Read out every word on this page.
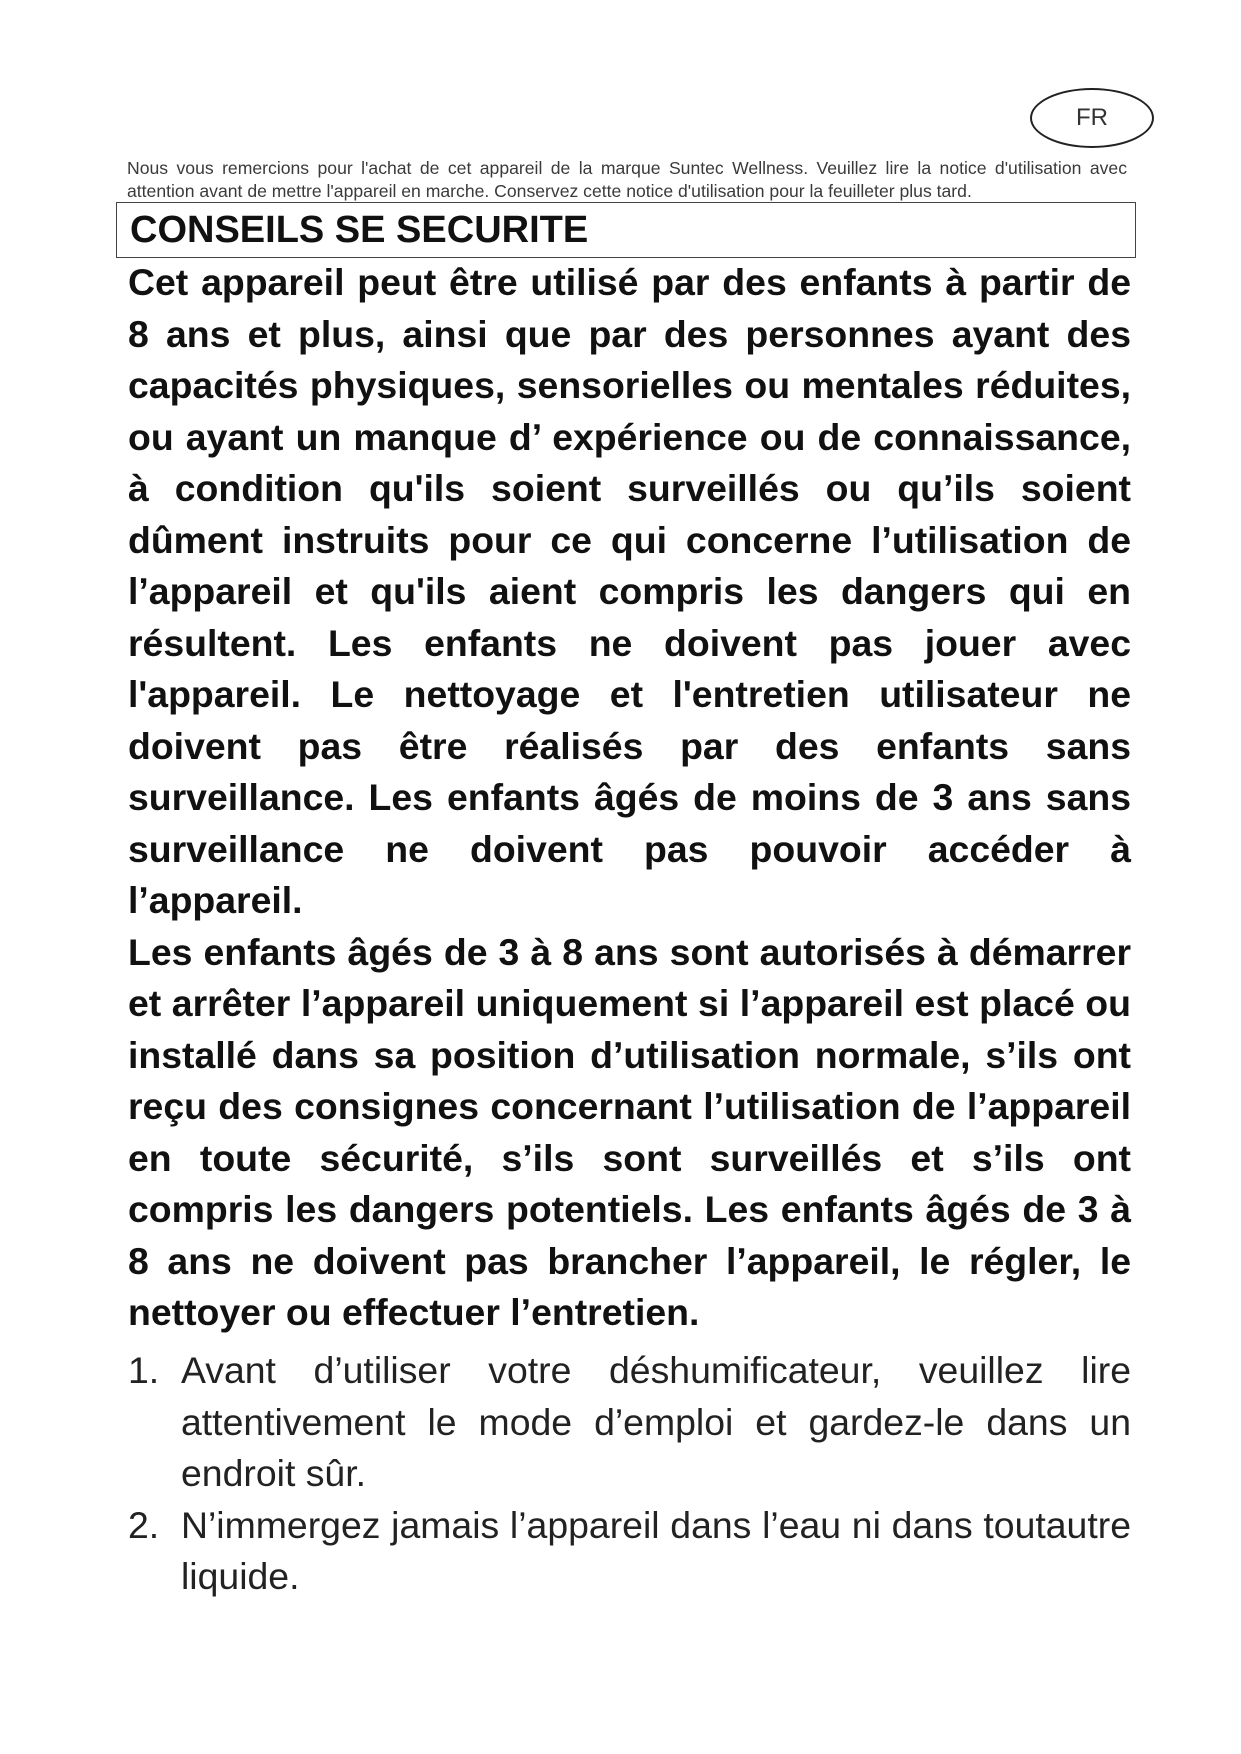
FR
Nous vous remercions pour l'achat de cet appareil de la marque Suntec Wellness. Veuillez lire la notice d'utilisation avec attention avant de mettre l'appareil en marche. Conservez cette notice d'utilisation pour la feuilleter plus tard.
CONSEILS SE SECURITE

Cet appareil peut être utilisé par des enfants à partir de 8 ans et plus, ainsi que par des personnes ayant des capacités physiques, sensorielles ou mentales réduites, ou ayant un manque d’ expérience ou de connaissance, à condition qu'ils soient surveillés ou qu’ils soient dûment instruits pour ce qui concerne l’utilisation de l’appareil et qu'ils aient compris les dangers qui en résultent. Les enfants ne doivent pas jouer avec l'appareil. Le nettoyage et l'entretien utilisateur ne doivent pas être réalisés par des enfants sans surveillance. Les enfants âgés de moins de 3 ans sans surveillance ne doivent pas pouvoir accéder à l’appareil.

Les enfants âgés de 3 à 8 ans sont autorisés à démarrer et arrêter l’appareil uniquement si l’appareil est placé ou installé dans sa position d’utilisation normale, s’ils ont reçu des consignes concernant l’utilisation de l’appareil en toute sécurité, s’ils sont surveillés et s’ils ont compris les dangers potentiels. Les enfants âgés de 3 à 8 ans ne doivent pas brancher l’appareil, le régler, le nettoyer ou effectuer l’entretien.

1. Avant d’utiliser votre déshumificateur, veuillez lire attentivement le mode d’emploi et gardez-le dans un endroit sûr.
2. N’immergez jamais l’appareil dans l’eau ni dans toutautre liquide.
